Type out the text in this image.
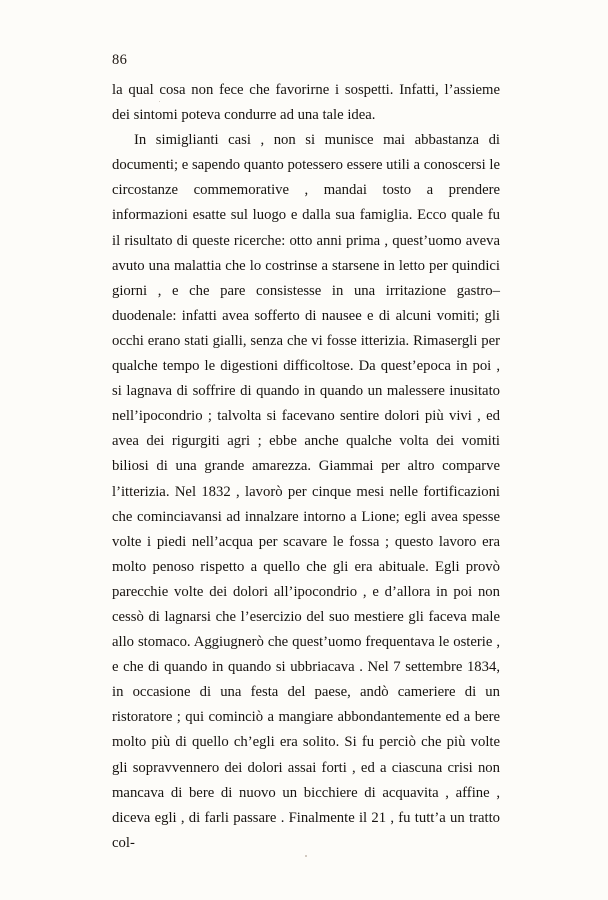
86

la qual cosa non fece che favorirne i sospetti. Infatti, l’assieme dei sintomi poteva condurre ad una tale idea.

In simiglianti casi , non si munisce mai abbastanza di documenti; e sapendo quanto potessero essere utili a conoscersi le circostanze commemorative , mandai tosto a prendere informazioni esatte sul luogo e dalla sua famiglia. Ecco quale fu il risultato di queste ricerche: otto anni prima , quest’uomo aveva avuto una malattia che lo costrinse a starsene in letto per quindici giorni , e che pare consistesse in una irritazione gastro–duodenale: infatti avea sofferto di nausee e di alcuni vomiti; gli occhi erano stati gialli, senza che vi fosse itterizia. Rimasergli per qualche tempo le digestioni difficoltose. Da quest’epoca in poi , si lagnava di soffrire di quando in quando un malessere inusitato nell’ipocondrio ; talvolta si facevano sentire dolori più vivi , ed avea dei rigurgiti agri ; ebbe anche qualche volta dei vomiti biliosi di una grande amarezza. Giammai per altro comparve l’itterizia. Nel 1832 , lavorò per cinque mesi nelle fortificazioni che cominciavansi ad innalzare intorno a Lione; egli avea spesse volte i piedi nell’acqua per scavare le fossa ; questo lavoro era molto penoso rispetto a quello che gli era abituale. Egli provò parecchie volte dei dolori all’ipocondrio , e d’allora in poi non cessò di lagnarsi che l’esercizio del suo mestiere gli faceva male allo stomaco. Aggiugnerò che quest’uomo frequentava le osterie , e che di quando in quando si ubbriacava . Nel 7 settembre 1834, in occasione di una festa del paese, andò cameriere di un ristoratore ; qui cominciò a mangiare abbondantemente ed a bere molto più di quello ch’egli era solito. Si fu perciò che più volte gli sopravvennero dei dolori assai forti , ed a ciascuna crisi non mancava di bere di nuovo un bicchiere di acquavita , affine , diceva egli , di farli passare . Finalmente il 21 , fu tutt’a un tratto col-
